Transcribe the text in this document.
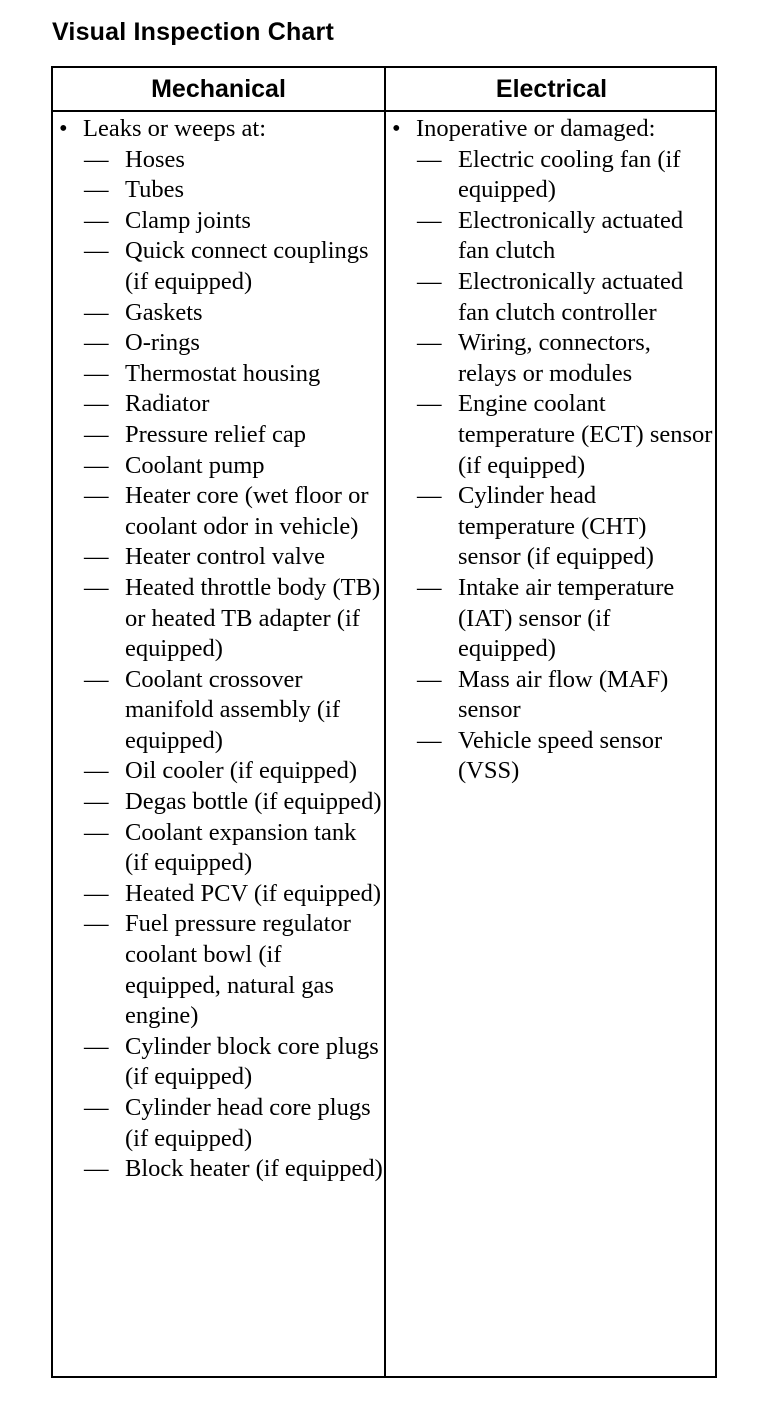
Visual Inspection Chart
Mechanical	Electrical
• Leaks or weeps at:
— Hoses
— Tubes
— Clamp joints
— Quick connect couplings (if equipped)
— Gaskets
— O-rings
— Thermostat housing
— Radiator
— Pressure relief cap
— Coolant pump
— Heater core (wet floor or coolant odor in vehicle)
— Heater control valve
— Heated throttle body (TB) or heated TB adapter (if equipped)
— Coolant crossover manifold assembly (if equipped)
— Oil cooler (if equipped)
— Degas bottle (if equipped)
— Coolant expansion tank (if equipped)
— Heated PCV (if equipped)
— Fuel pressure regulator coolant bowl (if equipped, natural gas engine)
— Cylinder block core plugs (if equipped)
— Cylinder head core plugs (if equipped)
— Block heater (if equipped)
• Inoperative or damaged:
— Electric cooling fan (if equipped)
— Electronically actuated fan clutch
— Electronically actuated fan clutch controller
— Wiring, connectors, relays or modules
— Engine coolant temperature (ECT) sensor (if equipped)
— Cylinder head temperature (CHT) sensor (if equipped)
— Intake air temperature (IAT) sensor (if equipped)
— Mass air flow (MAF) sensor
— Vehicle speed sensor (VSS)
